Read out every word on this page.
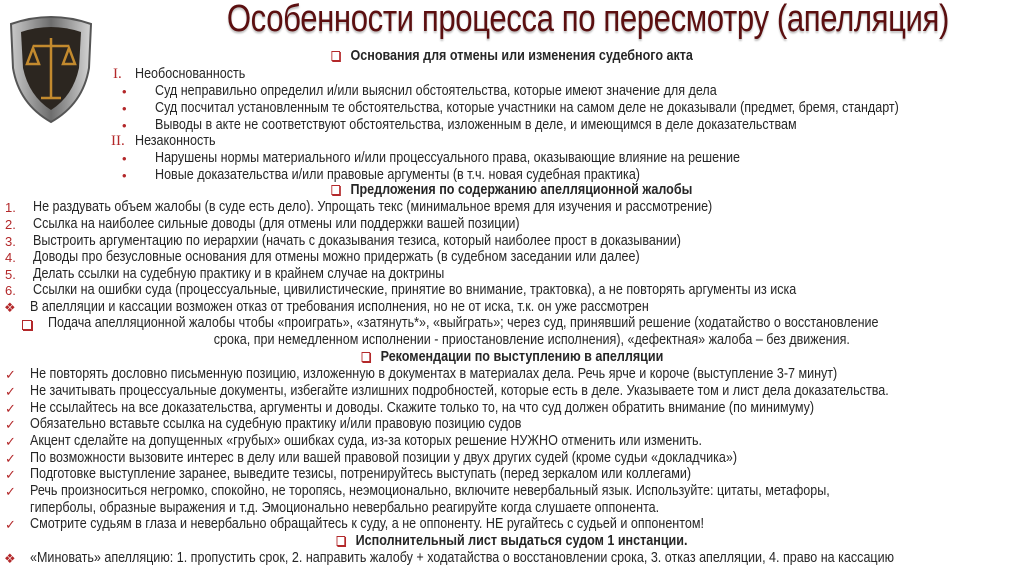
Особенности процесса по пересмотру (апелляция)
Основания для отмены или изменения судебного акта
I. Необоснованность
• Суд неправильно определил и/или выяснил обстоятельства, которые имеют значение для дела
• Суд посчитал установленным те обстоятельства, которые участники на самом деле не доказывали (предмет, бремя, стандарт)
• Выводы в акте не соответствуют обстоятельства, изложенным в деле, и имеющимся в деле доказательствам
II. Незаконность
• Нарушены нормы материального и/или процессуального права, оказывающие влияние на решение
• Новые доказательства и/или правовые аргументы (в т.ч. новая судебная практика)
Предложения по содержанию апелляционной жалобы
1. Не раздувать объем жалобы (в суде есть дело). Упрощать текс (минимальное время для изучения и рассмотрение)
2. Ссылка на наиболее сильные доводы (для отмены или поддержки вашей позиции)
3. Выстроить аргументацию по иерархии (начать с доказывания тезиса, который наиболее прост в доказывании)
4. Доводы про безусловные основания для отмены можно придержать (в судебном заседании или далее)
5. Делать ссылки на судебную практику и в крайнем случае на доктрины
6. Ссылки на ошибки суда (процессуальные, цивилистические, принятие во внимание, трактовка), а не повторять аргументы из иска
❖ В апелляции и кассации возможен отказ от требования исполнения, но не от иска, т.к. он уже рассмотрен
Подача апелляционной жалобы чтобы «проиграть», «затянуть*», «выйграть»; через суд, принявший решение (ходатайство о восстановление
срока, при немедленном исполнении - приостановление исполнения), «дефектная» жалоба – без движения.
Рекомендации по выступлению в апелляции
✓ Не повторять дословно письменную позицию, изложенную в документах в материалах дела. Речь ярче и короче (выступление 3-7 минут)
✓ Не зачитывать процессуальные документы, избегайте излишних подробностей, которые есть в деле. Указываете том и лист дела доказательства.
✓ Не ссылайтесь на все доказательства, аргументы и доводы. Скажите только то, на что суд должен обратить внимание (по минимуму)
✓ Обязательно вставьте ссылка на судебную практику и/или правовую позицию судов
✓ Акцент сделайте на допущенных «грубых» ошибках суда, из-за которых решение НУЖНО отменить или изменить.
✓ По возможности вызовите интерес в делу или вашей правовой позиции у двух других судей (кроме судьи «докладчика»)
✓ Подготовке выступление заранее, выведите тезисы, потренируйтесь выступать (перед зеркалом или коллегами)
✓ Речь произноситься негромко, спокойно, не торопясь, неэмоционально, включите невербальный язык. Используйте: цитаты, метафоры,
гиперболы, образные выражения и т.д. Эмоционально невербально реагируйте когда слушаете оппонента.
✓ Смотрите судьям в глаза и невербально обращайтесь к суду, а не оппоненту. НЕ ругайтесь с судьей и оппонентом!
Исполнительный лист выдаться судом 1 инстанции.
❖ «Миновать» апелляцию: 1. пропустить срок, 2. направить жалобу + ходатайства о восстановлении срока, 3. отказ апелляции, 4. право на кассацию
